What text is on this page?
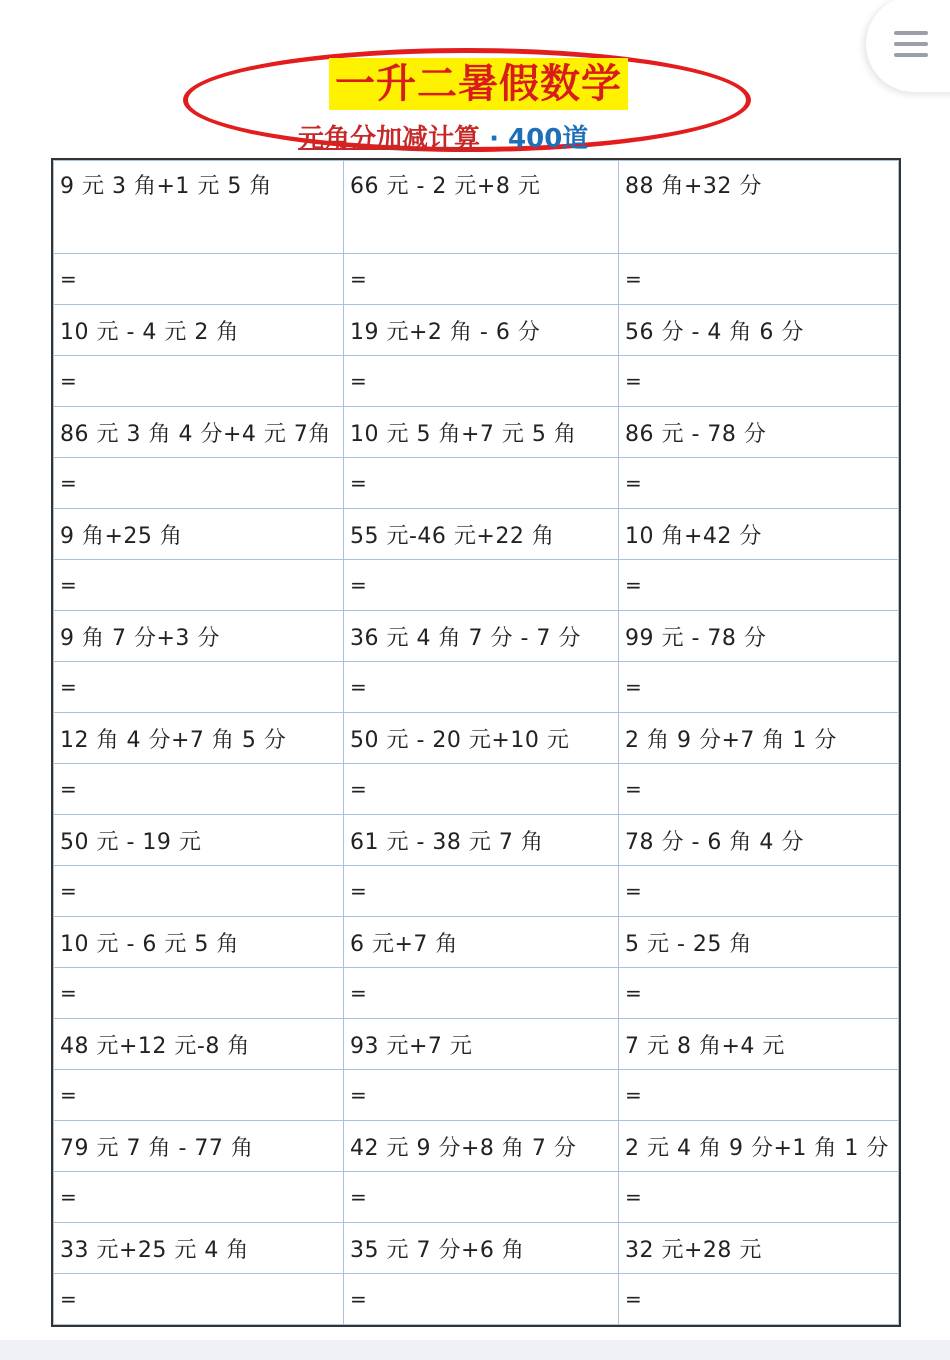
一升二暑假数学
元角分加减计算 · 400道
9 元 3 角+1 元 5 角	66 元 - 2 元+8 元	88 角+32 分
=	=	=
10 元 - 4 元 2 角	19 元+2 角 - 6 分	56 分 - 4 角 6 分
=	=	=
86 元 3 角 4 分+4 元 7角	10 元 5 角+7 元 5 角	86 元 - 78 分
=	=	=
9 角+25 角	55 元-46 元+22 角	10 角+42 分
=	=	=
9 角 7 分+3 分	36 元 4 角 7 分 - 7 分	99 元 - 78 分
=	=	=
12 角 4 分+7 角 5 分	50 元 - 20 元+10 元	2 角 9 分+7 角 1 分
=	=	=
50 元 - 19 元	61 元 - 38 元 7 角	78 分 - 6 角 4 分
=	=	=
10 元 - 6 元 5 角	6 元+7 角	5 元 - 25 角
=	=	=
48 元+12 元-8 角	93 元+7 元	7 元 8 角+4 元
=	=	=
79 元 7 角 - 77 角	42 元 9 分+8 角 7 分	2 元 4 角 9 分+1 角 1 分
=	=	=
33 元+25 元 4 角	35 元 7 分+6 角	32 元+28 元
=	=	=
